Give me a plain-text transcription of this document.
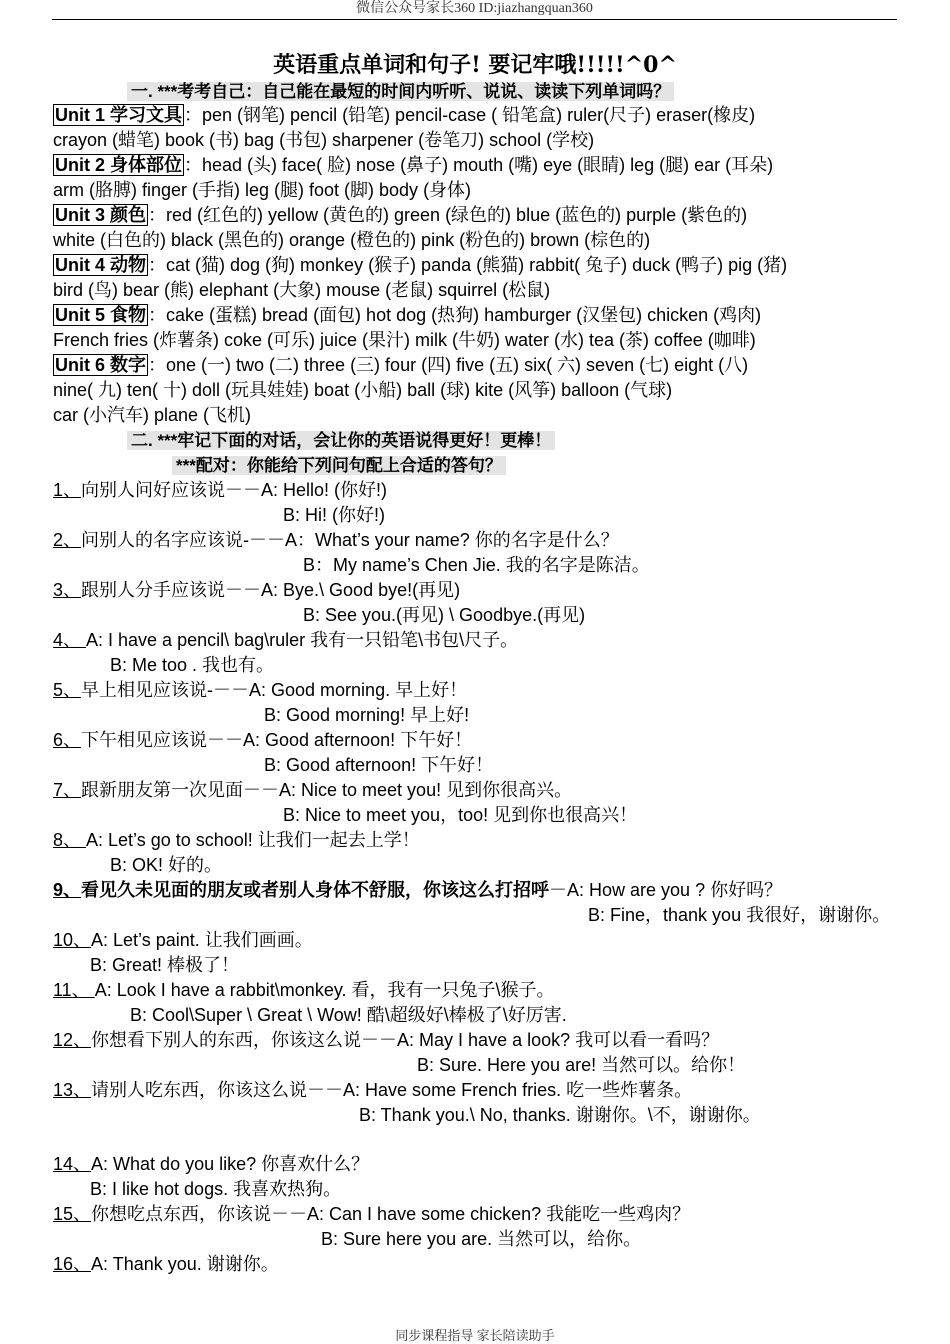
微信公众号家长360 ID:jiazhangquan360
英语重点单词和句子! 要记牢哦!!!!!^0^
一. ***考考自己：自己能在最短的时间内听听、说说、读读下列单词吗？
Unit 1 学习文具 ：pen (钢笔) pencil (铅笔) pencil-case ( 铅笔盒) ruler(尺子) eraser(橡皮)
crayon (蜡笔) book (书) bag (书包) sharpener (卷笔刀) school (学校)
Unit 2 身体部位 ：head (头) face( 脸) nose (鼻子) mouth (嘴) eye (眼睛) leg (腿) ear (耳朵)
arm (胳膊) finger (手指) leg (腿) foot (脚) body (身体)
Unit 3 颜色 ：red (红色的) yellow (黄色的) green (绿色的) blue (蓝色的) purple (紫色的)
white (白色的) black (黑色的) orange (橙色的) pink (粉色的) brown (棕色的)
Unit 4 动物 ：cat (猫) dog (狗) monkey (猴子) panda (熊猫) rabbit( 兔子) duck (鸭子) pig (猪)
bird (鸟) bear (熊) elephant (大象) mouse (老鼠) squirrel (松鼠)
Unit 5 食物 ：cake (蛋糕) bread (面包) hot dog (热狗) hamburger (汉堡包) chicken (鸡肉)
French fries (炸薯条) coke (可乐) juice (果汁) milk (牛奶) water (水) tea (茶) coffee (咖啡)
Unit 6 数字 ：one (一) two (二) three (三) four (四) five (五) six( 六) seven (七) eight (八)
nine( 九) ten( 十) doll (玩具娃娃) boat (小船) ball (球) kite (风筝) balloon (气球)
car (小汽车) plane (飞机)
二. ***牢记下面的对话，会让你的英语说得更好！更棒！
***配对：你能给下列问句配上合适的答句？
1、向别人问好应该说－－A: Hello! (你好!)
B: Hi! (你好!)
2、问别人的名字应该说-－－A：What’s your name? 你的名字是什么？
B：My name’s Chen Jie. 我的名字是陈洁。
3、跟别人分手应该说－－A: Bye.\ Good bye!(再见)
B: See you.(再见) \ Goodbye.(再见)
4、 A: I have a pencil\ bag\ruler 我有一只铅笔\书包\尺子。
B: Me too . 我也有。
5、早上相见应该说-－－A: Good morning. 早上好！
B: Good morning! 早上好!
6、下午相见应该说－－A: Good afternoon! 下午好！
B: Good afternoon! 下午好！
7、跟新朋友第一次见面－－A: Nice to meet you! 见到你很高兴。
B: Nice to meet you，too! 见到你也很高兴！
8、 A: Let’s go to school! 让我们一起去上学！
B: OK! 好的。
9、看见久未见面的朋友或者别人身体不舒服，你该这么打招呼－A: How are you ? 你好吗？
B: Fine，thank you 我很好，谢谢你。
10、A: Let’s paint. 让我们画画。
B: Great! 棒极了！
11、 A: Look I have a rabbit\monkey. 看，我有一只兔子\猴子。
B: Cool\Super \ Great \ Wow! 酷\超级好\棒极了\好厉害.
12、你想看下别人的东西，你该这么说－－A: May I have a look? 我可以看一看吗？
B: Sure. Here you are! 当然可以。给你！
13、请别人吃东西，你该这么说－－A: Have some French fries. 吃一些炸薯条。
B: Thank you.\ No, thanks. 谢谢你。\不，谢谢你。
14、A: What do you like? 你喜欢什么？
B: I like hot dogs. 我喜欢热狗。
15、你想吃点东西，你该说－－A: Can I have some chicken? 我能吃一些鸡肉？
B: Sure here you are. 当然可以，给你。
16、A: Thank you. 谢谢你。
同步课程指导 家长陪读助手
